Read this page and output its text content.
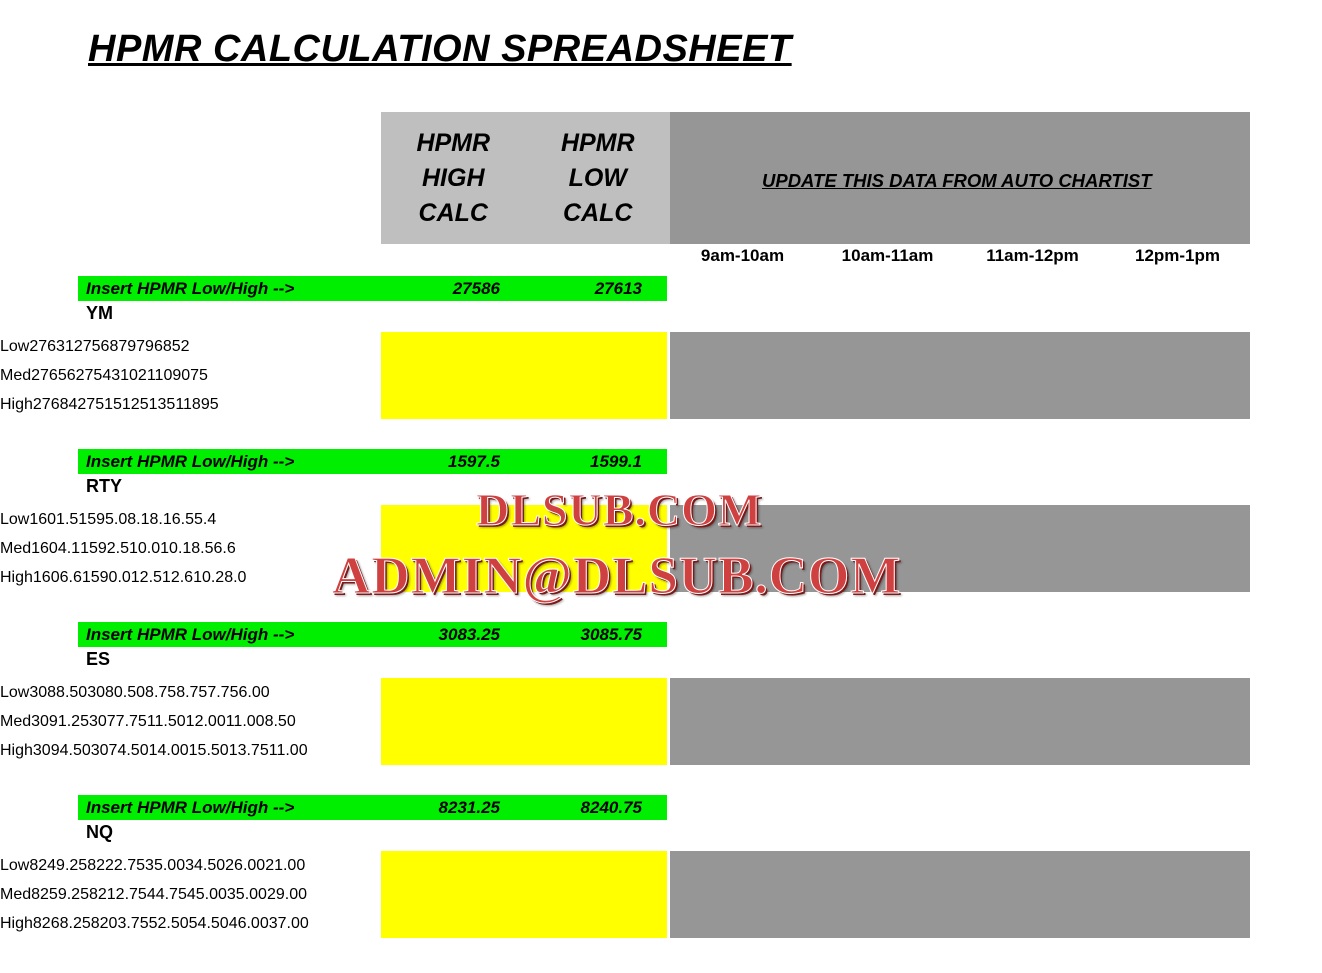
HPMR CALCULATION SPREADSHEET
HPMR
HIGH
CALC
HPMR
LOW
CALC
UPDATE THIS DATA FROM AUTO CHARTIST
9am-10am	10am-11am	11am-12pm	12pm-1pm
Insert HPMR Low/High -->	27586	27613
YM
Low 27631 27568 79 79 68 52
Med 27656 27543 102 110 90 75
High 27684 27515 125 135 118 95
Insert HPMR Low/High -->	1597.5	1599.1
RTY
Low 1601.5 1595.0 8.1 8.1 6.5 5.4
Med 1604.1 1592.5 10.0 10.1 8.5 6.6
High 1606.6 1590.0 12.5 12.6 10.2 8.0
Insert HPMR Low/High -->	3083.25	3085.75
ES
Low 3088.50 3080.50 8.75 8.75 7.75 6.00
Med 3091.25 3077.75 11.50 12.00 11.00 8.50
High 3094.50 3074.50 14.00 15.50 13.75 11.00
Insert HPMR Low/High -->	8231.25	8240.75
NQ
Low 8249.25 8222.75 35.00 34.50 26.00 21.00
Med 8259.25 8212.75 44.75 45.00 35.00 29.00
High 8268.25 8203.75 52.50 54.50 46.00 37.00
DLSUB.COM
ADMIN@DLSUB.COM
